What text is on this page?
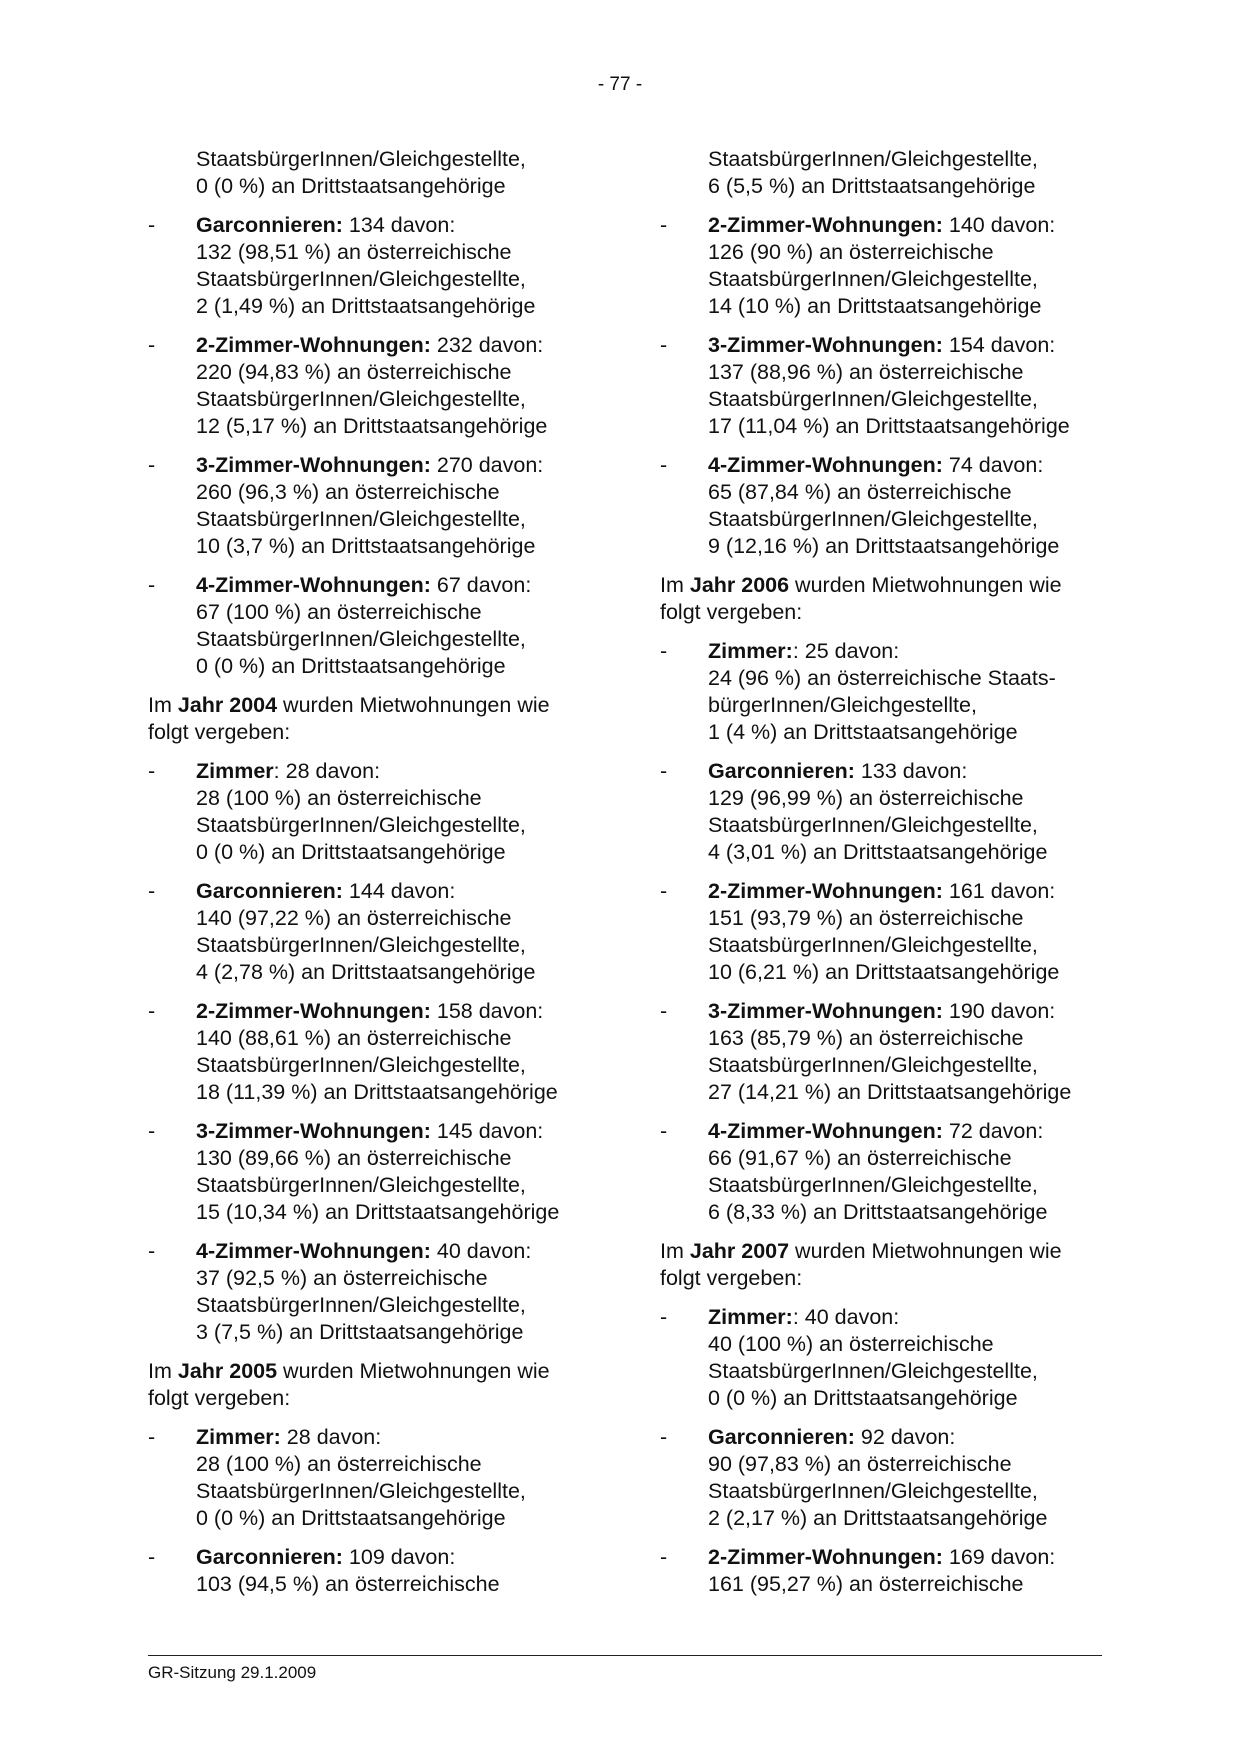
- 77 -
StaatsbürgerInnen/Gleichgestellte,
0 (0 %) an Drittstaatsangehörige
- Garconnieren: 134 davon:
132 (98,51 %) an österreichische
StaatsbürgerInnen/Gleichgestellte,
2 (1,49 %) an Drittstaatsangehörige
- 2-Zimmer-Wohnungen: 232 davon:
220 (94,83 %) an österreichische
StaatsbürgerInnen/Gleichgestellte,
12 (5,17 %) an Drittstaatsangehörige
- 3-Zimmer-Wohnungen: 270 davon:
260 (96,3 %) an österreichische
StaatsbürgerInnen/Gleichgestellte,
10 (3,7 %) an Drittstaatsangehörige
- 4-Zimmer-Wohnungen: 67 davon:
67 (100 %) an österreichische
StaatsbürgerInnen/Gleichgestellte,
0 (0 %) an Drittstaatsangehörige
Im Jahr 2004 wurden Mietwohnungen wie
folgt vergeben:
- Zimmer: 28 davon:
28 (100 %) an österreichische
StaatsbürgerInnen/Gleichgestellte,
0 (0 %) an Drittstaatsangehörige
- Garconnieren: 144 davon:
140 (97,22 %) an österreichische
StaatsbürgerInnen/Gleichgestellte,
4 (2,78 %) an Drittstaatsangehörige
- 2-Zimmer-Wohnungen: 158 davon:
140 (88,61 %) an österreichische
StaatsbürgerInnen/Gleichgestellte,
18 (11,39 %) an Drittstaatsangehörige
- 3-Zimmer-Wohnungen: 145 davon:
130 (89,66 %) an österreichische
StaatsbürgerInnen/Gleichgestellte,
15 (10,34 %) an Drittstaatsangehörige
- 4-Zimmer-Wohnungen: 40 davon:
37 (92,5 %) an österreichische
StaatsbürgerInnen/Gleichgestellte,
3 (7,5 %) an Drittstaatsangehörige
Im Jahr 2005 wurden Mietwohnungen wie
folgt vergeben:
- Zimmer: 28 davon:
28 (100 %) an österreichische
StaatsbürgerInnen/Gleichgestellte,
0 (0 %) an Drittstaatsangehörige
- Garconnieren: 109 davon:
103 (94,5 %) an österreichische
StaatsbürgerInnen/Gleichgestellte,
6 (5,5 %) an Drittstaatsangehörige
- 2-Zimmer-Wohnungen: 140 davon:
126 (90 %) an österreichische
StaatsbürgerInnen/Gleichgestellte,
14 (10 %) an Drittstaatsangehörige
- 3-Zimmer-Wohnungen: 154 davon:
137 (88,96 %) an österreichische
StaatsbürgerInnen/Gleichgestellte,
17 (11,04 %) an Drittstaatsangehörige
- 4-Zimmer-Wohnungen: 74 davon:
65 (87,84 %) an österreichische
StaatsbürgerInnen/Gleichgestellte,
9 (12,16 %) an Drittstaatsangehörige
Im Jahr 2006 wurden Mietwohnungen wie
folgt vergeben:
- Zimmer:: 25 davon:
24 (96 %) an österreichische Staats-
bürgerInnen/Gleichgestellte,
1 (4 %) an Drittstaatsangehörige
- Garconnieren: 133 davon:
129 (96,99 %) an österreichische
StaatsbürgerInnen/Gleichgestellte,
4 (3,01 %) an Drittstaatsangehörige
- 2-Zimmer-Wohnungen: 161 davon:
151 (93,79 %) an österreichische
StaatsbürgerInnen/Gleichgestellte,
10 (6,21 %) an Drittstaatsangehörige
- 3-Zimmer-Wohnungen: 190 davon:
163 (85,79 %) an österreichische
StaatsbürgerInnen/Gleichgestellte,
27 (14,21 %) an Drittstaatsangehörige
- 4-Zimmer-Wohnungen: 72 davon:
66 (91,67 %) an österreichische
StaatsbürgerInnen/Gleichgestellte,
6 (8,33 %) an Drittstaatsangehörige
Im Jahr 2007 wurden Mietwohnungen wie
folgt vergeben:
- Zimmer:: 40 davon:
40 (100 %) an österreichische
StaatsbürgerInnen/Gleichgestellte,
0 (0 %) an Drittstaatsangehörige
- Garconnieren: 92 davon:
90 (97,83 %) an österreichische
StaatsbürgerInnen/Gleichgestellte,
2 (2,17 %) an Drittstaatsangehörige
- 2-Zimmer-Wohnungen: 169 davon:
161 (95,27 %) an österreichische
GR-Sitzung 29.1.2009
